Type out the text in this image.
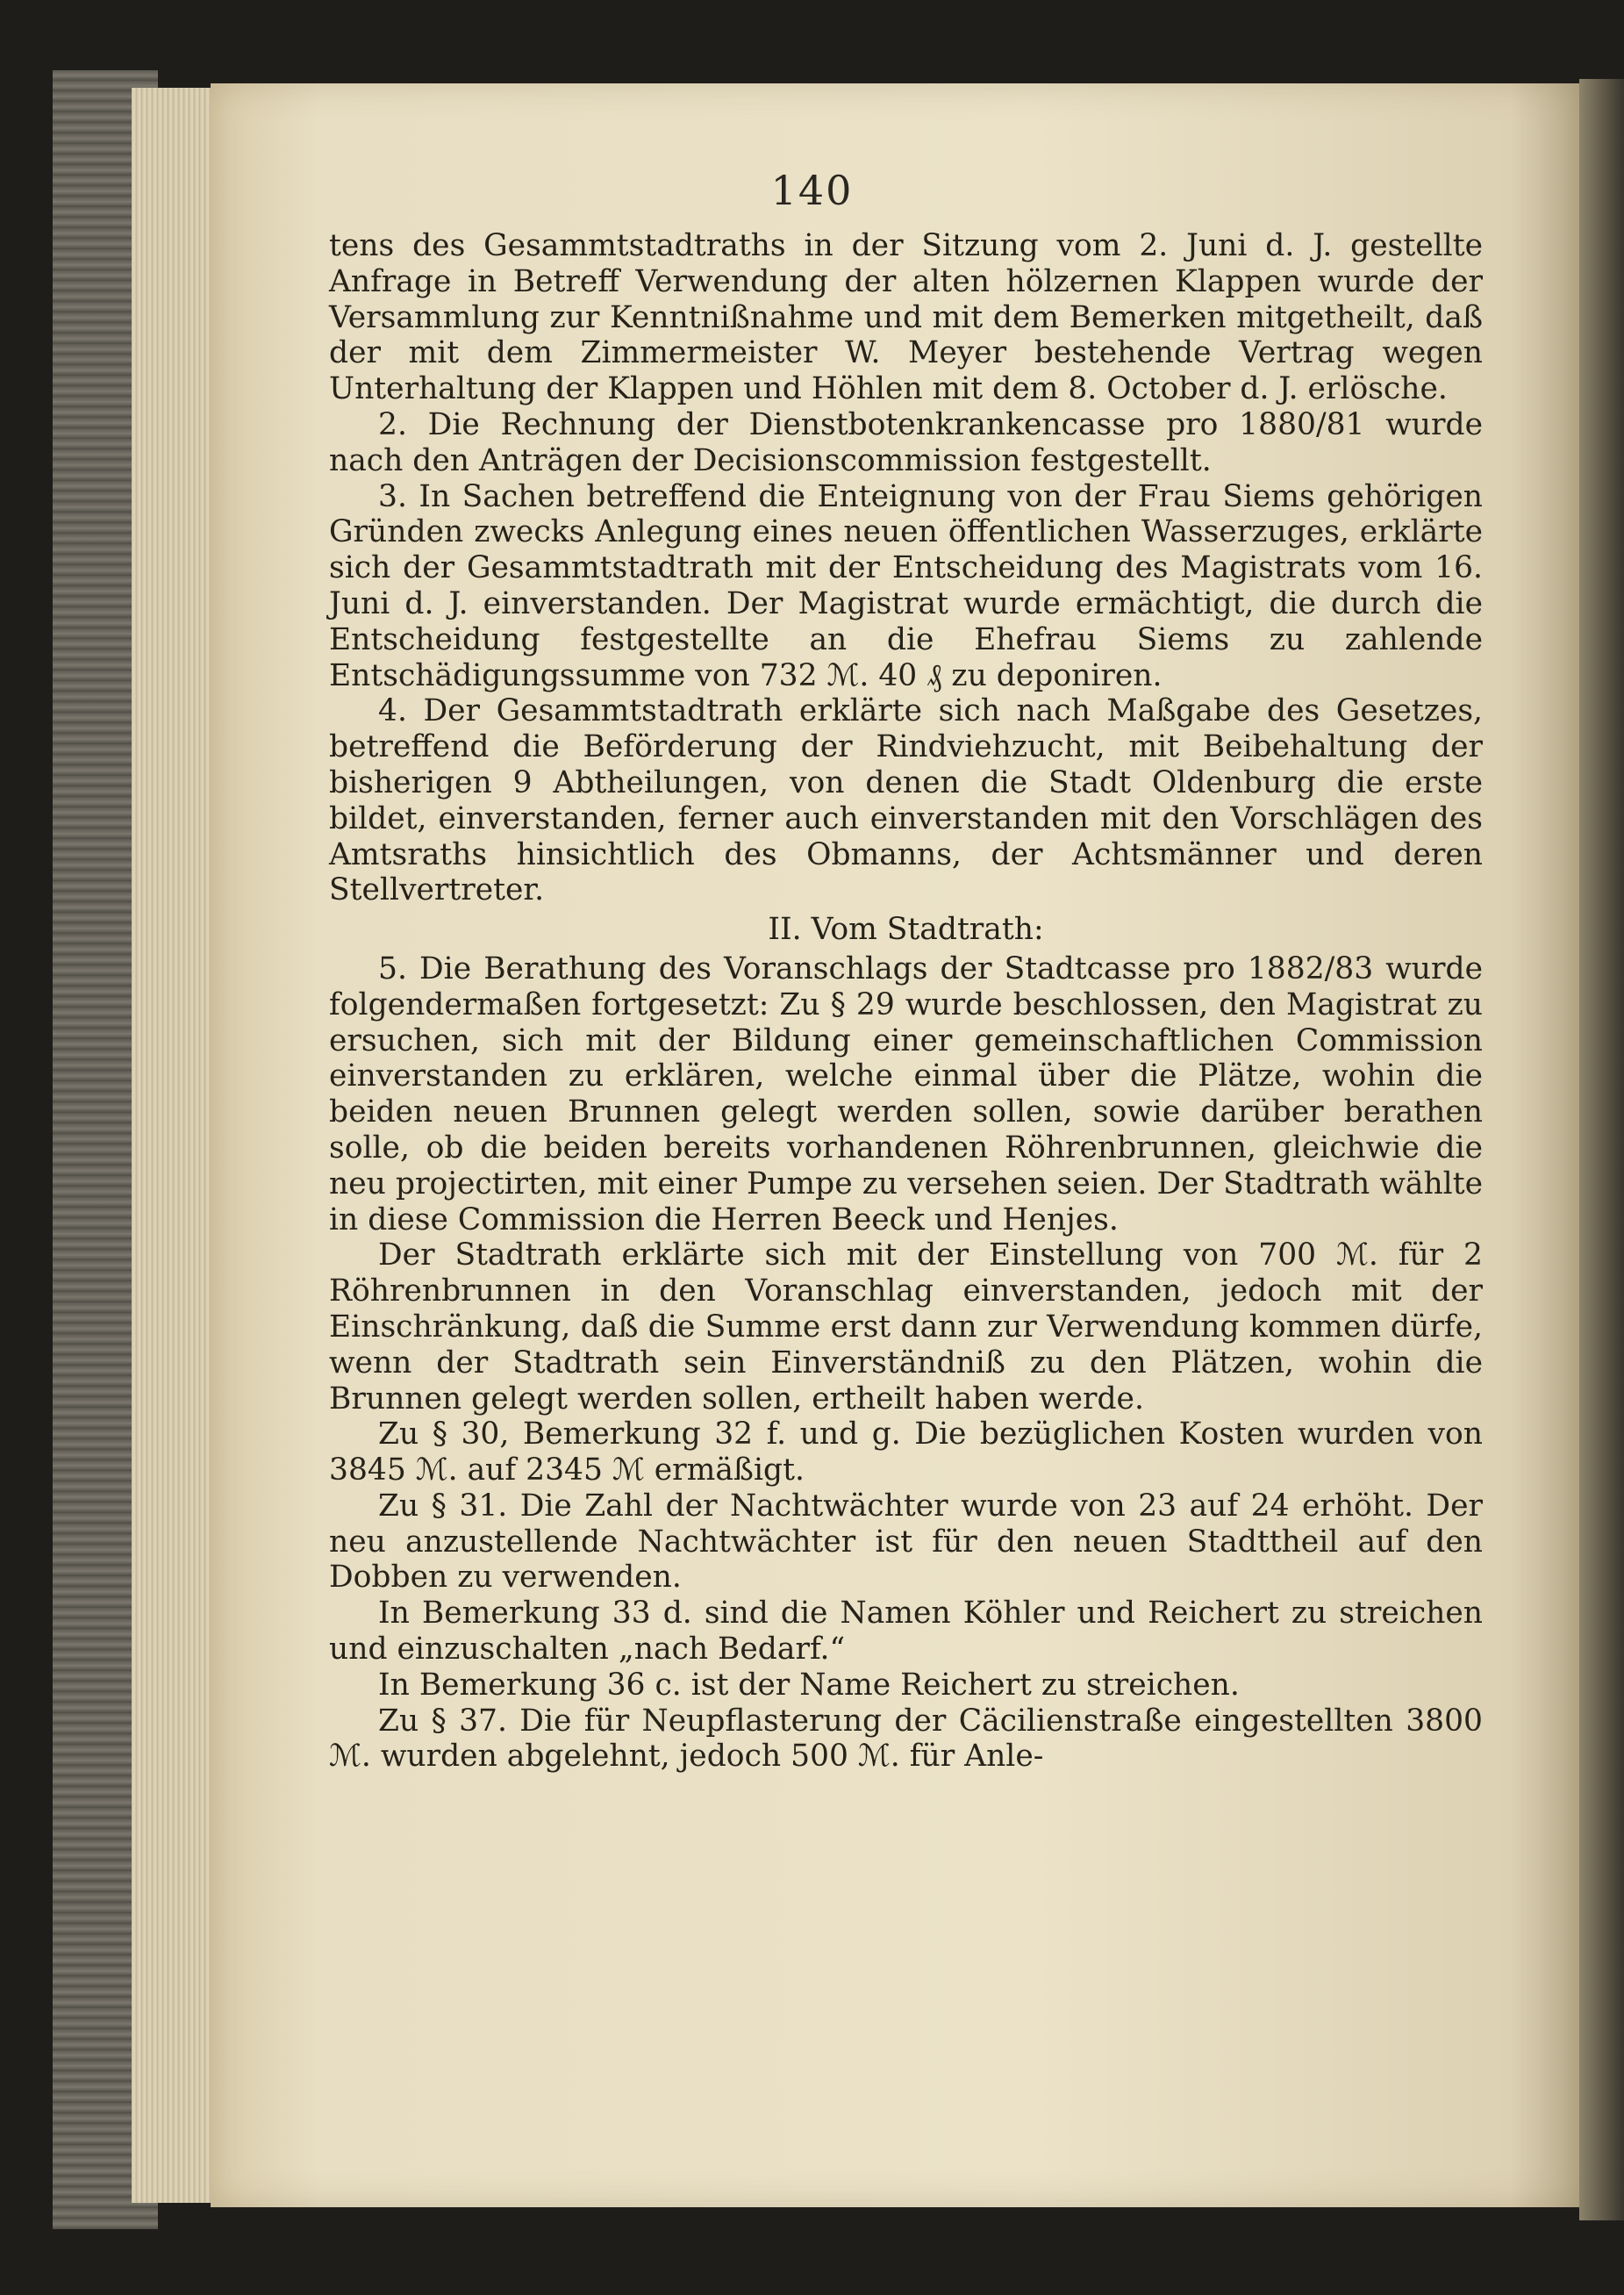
140

tens des Gesammtstadtraths in der Sitzung vom 2. Juni d. J. gestellte Anfrage in Betreff Verwendung der alten hölzernen Klappen wurde der Versammlung zur Kenntnißnahme und mit dem Bemerken mitgetheilt, daß der mit dem Zimmermeister W. Meyer bestehende Vertrag wegen Unterhaltung der Klappen und Höhlen mit dem 8. October d. J. erlösche.

2. Die Rechnung der Dienstbotenkrankencasse pro 1880/81 wurde nach den Anträgen der Decisionscommission festgestellt.

3. In Sachen betreffend die Enteignung von der Frau Siems gehörigen Gründen zwecks Anlegung eines neuen öffentlichen Wasserzuges, erklärte sich der Gesammtstadtrath mit der Entscheidung des Magistrats vom 16. Juni d. J. einverstanden. Der Magistrat wurde ermächtigt, die durch die Entscheidung festgestellte an die Ehefrau Siems zu zahlende Entschädigungssumme von 732 ℳ. 40 ₰ zu deponiren.

4. Der Gesammtstadtrath erklärte sich nach Maßgabe des Gesetzes, betreffend die Beförderung der Rindviehzucht, mit Beibehaltung der bisherigen 9 Abtheilungen, von denen die Stadt Oldenburg die erste bildet, einverstanden, ferner auch einverstanden mit den Vorschlägen des Amtsraths hinsichtlich des Obmanns, der Achtsmänner und deren Stellvertreter.

II. Vom Stadtrath:

5. Die Berathung des Voranschlags der Stadtcasse pro 1882/83 wurde folgendermaßen fortgesetzt: Zu § 29 wurde beschlossen, den Magistrat zu ersuchen, sich mit der Bildung einer gemeinschaftlichen Commission einverstanden zu erklären, welche einmal über die Plätze, wohin die beiden neuen Brunnen gelegt werden sollen, sowie darüber berathen solle, ob die beiden bereits vorhandenen Röhrenbrunnen, gleichwie die neu projectirten, mit einer Pumpe zu versehen seien. Der Stadtrath wählte in diese Commission die Herren Beeck und Henjes.

Der Stadtrath erklärte sich mit der Einstellung von 700 ℳ. für 2 Röhrenbrunnen in den Voranschlag einverstanden, jedoch mit der Einschränkung, daß die Summe erst dann zur Verwendung kommen dürfe, wenn der Stadtrath sein Einverständniß zu den Plätzen, wohin die Brunnen gelegt werden sollen, ertheilt haben werde.

Zu § 30, Bemerkung 32 f. und g. Die bezüglichen Kosten wurden von 3845 ℳ. auf 2345 ℳ ermäßigt.

Zu § 31. Die Zahl der Nachtwächter wurde von 23 auf 24 erhöht. Der neu anzustellende Nachtwächter ist für den neuen Stadttheil auf den Dobben zu verwenden.

In Bemerkung 33 d. sind die Namen Köhler und Reichert zu streichen und einzuschalten „nach Bedarf.“

In Bemerkung 36 c. ist der Name Reichert zu streichen.

Zu § 37. Die für Neupflasterung der Cäcilienstraße eingestellten 3800 ℳ. wurden abgelehnt, jedoch 500 ℳ. für Anle-
